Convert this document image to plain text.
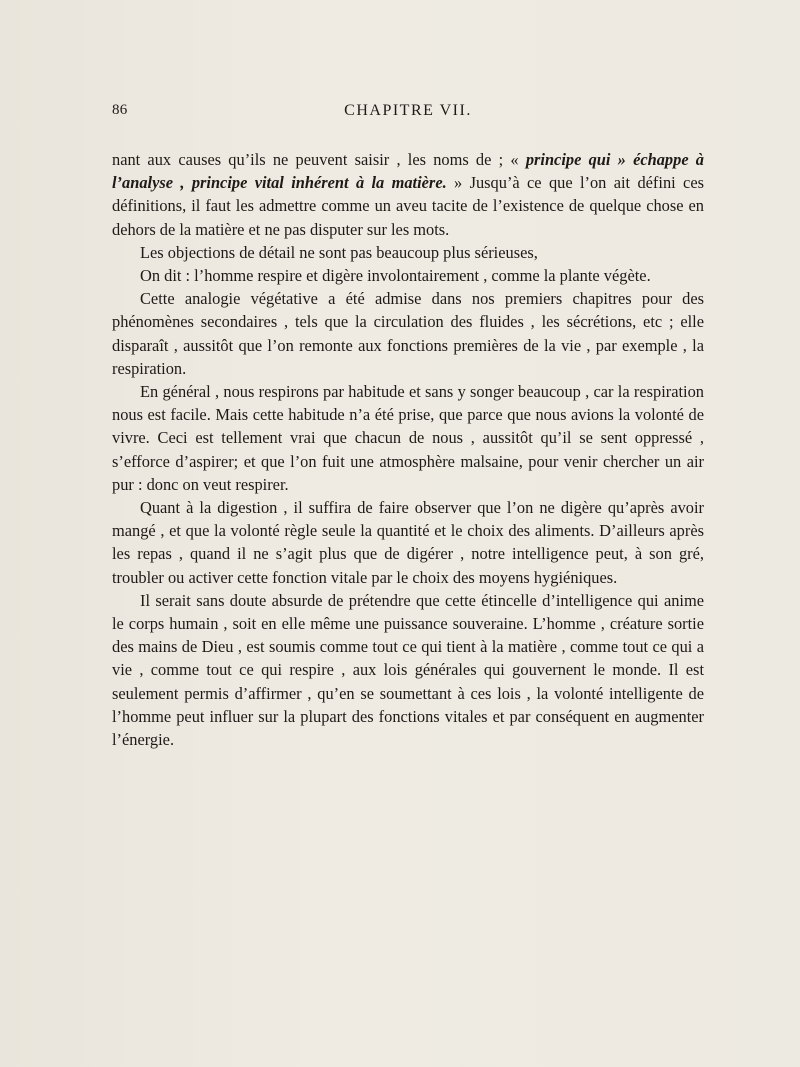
86	CHAPITRE VII.

nant aux causes qu’ils ne peuvent saisir , les noms de ; « principe qui » échappe à l’analyse , principe vital inhérent à la matière. » Jusqu’à ce que l’on ait défini ces définitions, il faut les admettre comme un aveu tacite de l’existence de quelque chose en dehors de la matière et ne pas disputer sur les mots.

Les objections de détail ne sont pas beaucoup plus sérieuses,

On dit : l’homme respire et digère involontairement , comme la plante végète.

Cette analogie végétative a été admise dans nos premiers chapitres pour des phénomènes secondaires , tels que la circulation des fluides , les sécrétions, etc ; elle disparaît , aussitôt que l’on remonte aux fonctions premières de la vie , par exemple , la respiration.

En général , nous respirons par habitude et sans y songer beaucoup , car la respiration nous est facile. Mais cette habitude n’a été prise, que parce que nous avions la volonté de vivre. Ceci est tellement vrai que chacun de nous , aussitôt qu’il se sent oppressé , s’efforce d’aspirer; et que l’on fuit une atmosphère malsaine, pour venir chercher un air pur : donc on veut respirer.

Quant à la digestion , il suffira de faire observer que l’on ne digère qu’après avoir mangé , et que la volonté règle seule la quantité et le choix des aliments. D’ailleurs après les repas , quand il ne s’agit plus que de digérer , notre intelligence peut, à son gré, troubler ou activer cette fonction vitale par le choix des moyens hygiéniques.

Il serait sans doute absurde de prétendre que cette étincelle d’intelligence qui anime le corps humain , soit en elle même une puissance souveraine. L’homme , créature sortie des mains de Dieu , est soumis comme tout ce qui tient à la matière , comme tout ce qui a vie , comme tout ce qui respire , aux lois générales qui gouvernent le monde. Il est seulement permis d’affirmer , qu’en se soumettant à ces lois , la volonté intelligente de l’homme peut influer sur la plupart des fonctions vitales et par conséquent en augmenter l’énergie.
